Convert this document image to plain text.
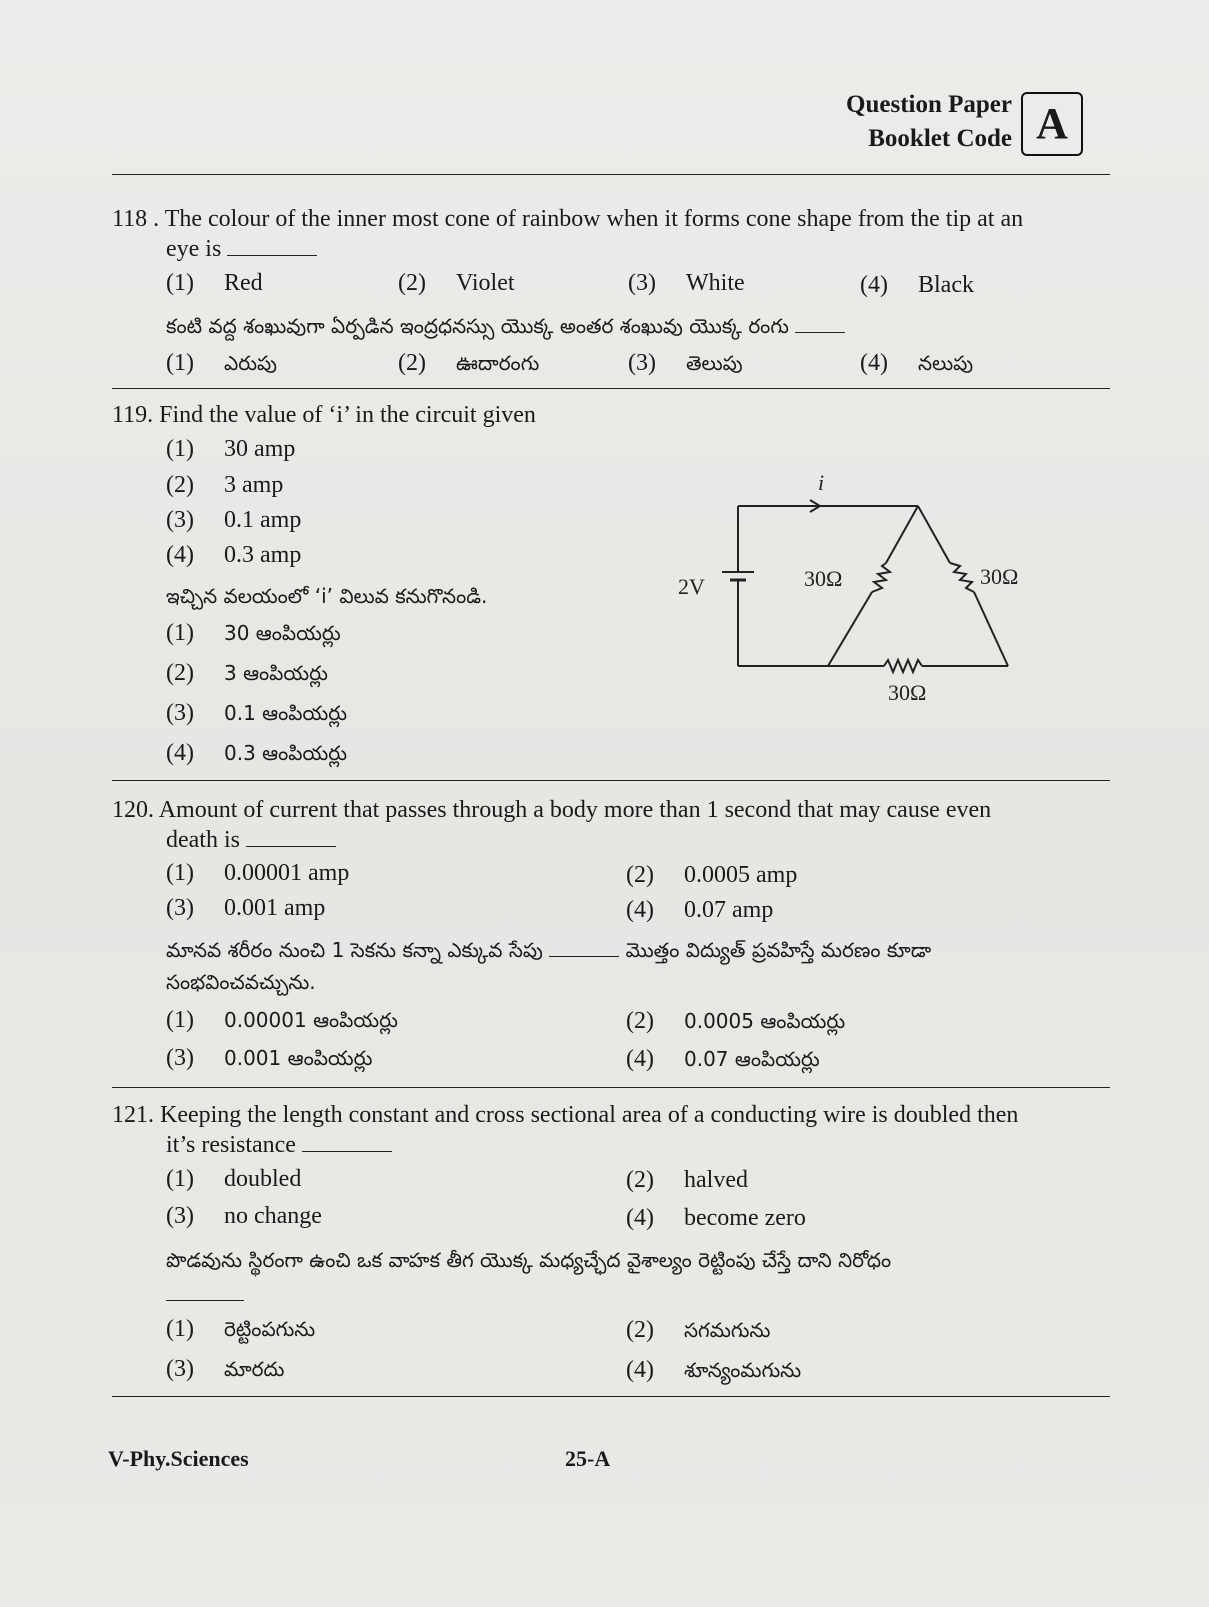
Question Paper
Booklet Code A
118 . The colour of the inner most cone of rainbow when it forms cone shape from the tip at an
eye is
(1) Red	(2) Violet	(3) White	(4) Black
కంటి వద్ద శంఖువుగా ఏర్పడిన ఇంద్రధనస్సు యొక్క అంతర శంఖువు యొక్క రంగు
(1) ఎరుపు	(2) ఊదారంగు	(3) తెలుపు	(4) నలుపు
119. Find the value of ‘i’ in the circuit given
(1) 30 amp
(2) 3 amp
(3) 0.1 amp
(4) 0.3 amp
ఇచ్చిన వలయంలో ‘i’ విలువ కనుగొనండి.
(1) 30 ఆంపియర్లు
(2) 3 ఆంపియర్లు
(3) 0.1 ఆంపియర్లు
(4) 0.3 ఆంపియర్లు
i
2V	30Ω	30Ω
30Ω
120. Amount of current that passes through a body more than 1 second that may cause even
death is
(1) 0.00001 amp	(2) 0.0005 amp
(3) 0.001 amp	(4) 0.07 amp
మానవ శరీరం నుంచి 1 సెకను కన్నా ఎక్కువ సేపు	మొత్తం విద్యుత్ ప్రవహిస్తే మరణం కూడా
సంభవించవచ్చును.
(1) 0.00001 ఆంపియర్లు	(2) 0.0005 ఆంపియర్లు
(3) 0.001 ఆంపియర్లు	(4) 0.07 ఆంపియర్లు
121. Keeping the length constant and cross sectional area of a conducting wire is doubled then
it’s resistance
(1) doubled	(2) halved
(3) no change	(4) become zero
పొడవును స్థిరంగా ఉంచి ఒక వాహక తీగ యొక్క మధ్యచ్ఛేద వైశాల్యం రెట్టింపు చేస్తే దాని నిరోధం
(1) రెట్టింపగును	(2) సగమగును
(3) మారదు	(4) శూన్యంమగును
V-Phy.Sciences	25-A
